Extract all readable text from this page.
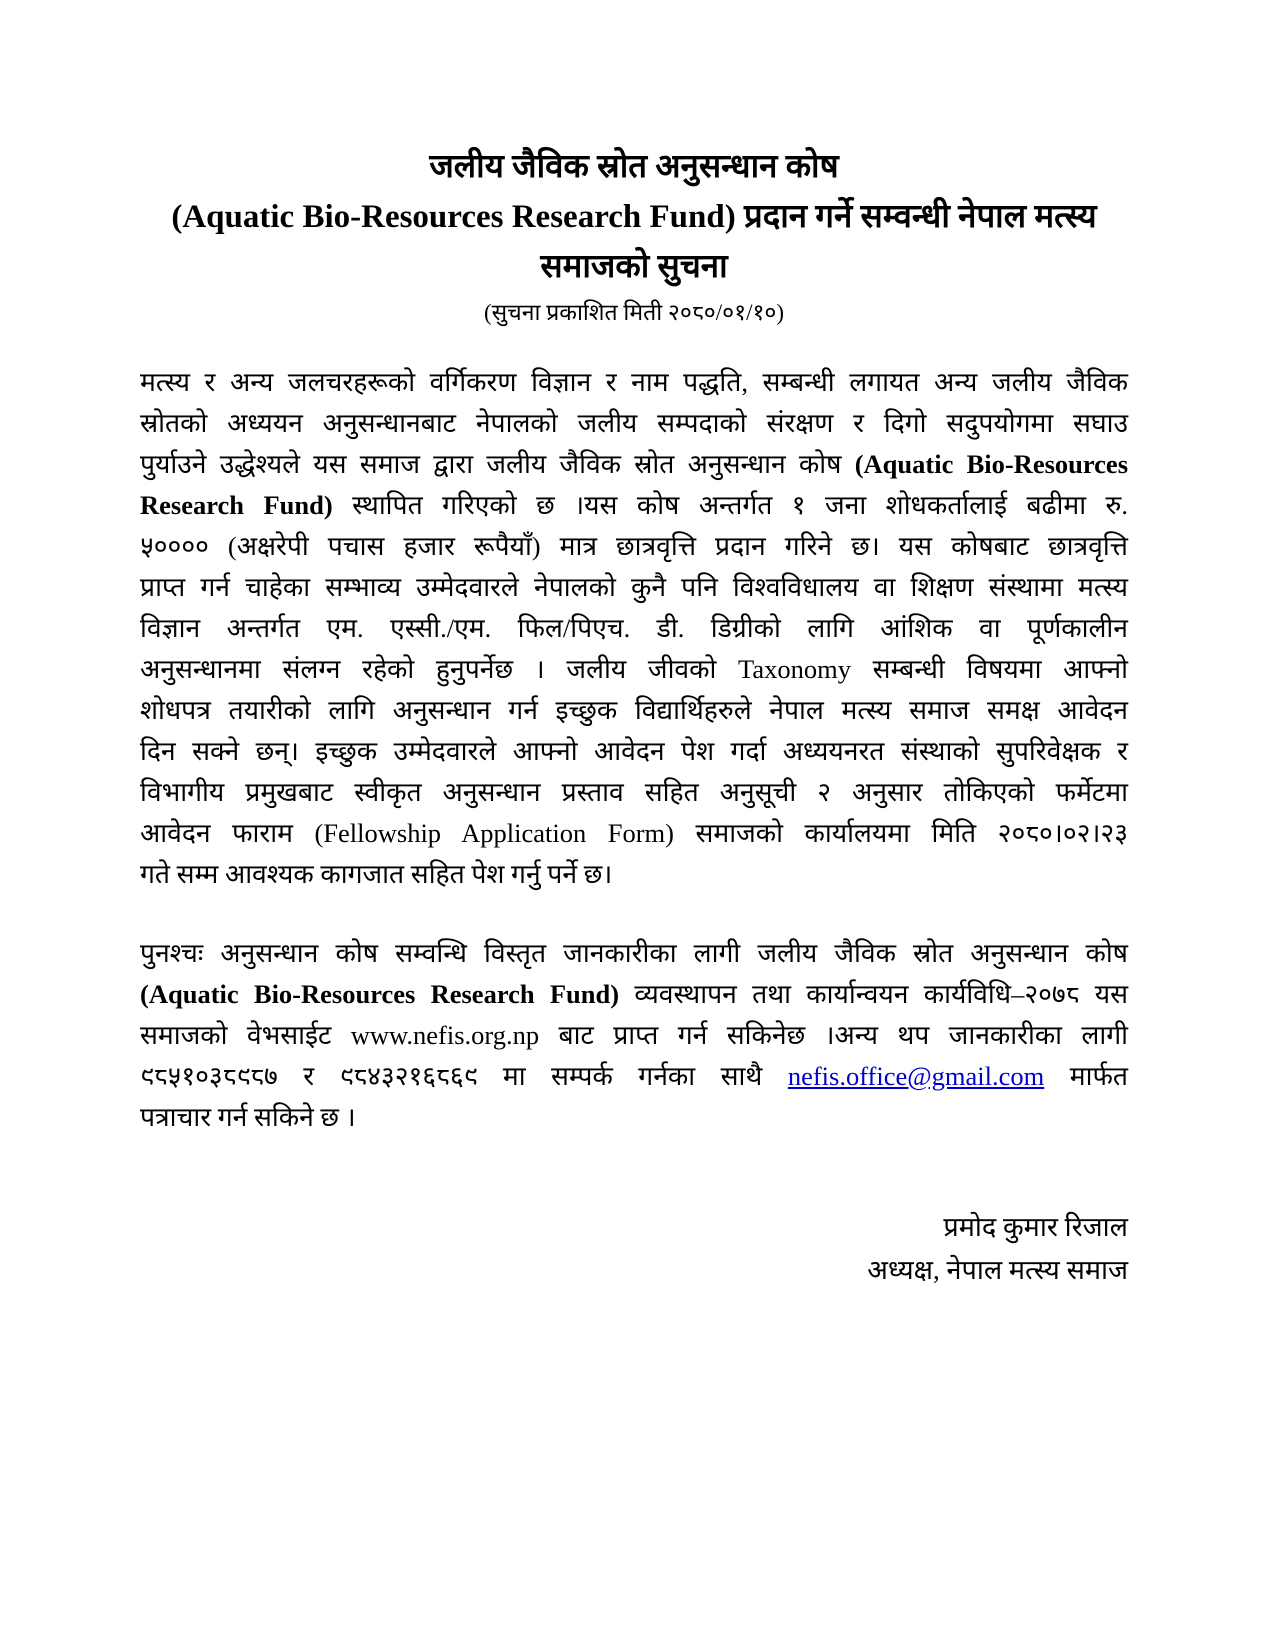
जलीय जैविक स्रोत अनुसन्धान कोष
(Aquatic Bio-Resources Research Fund) प्रदान गर्ने सम्वन्धी नेपाल मत्स्य
समाजको सुचना
(सुचना प्रकाशित मिती २०८०/०१/१०)
मत्स्य र अन्य जलचरहरूको वर्गिकरण विज्ञान र नाम पद्धति, सम्बन्धी लगायत अन्य जलीय जैविक
स्रोतको अध्ययन अनुसन्धानबाट नेपालको जलीय सम्पदाको संरक्षण र दिगो सदुपयोगमा सघाउ
पुर्याउने उद्धेश्यले यस समाज द्वारा जलीय जैविक स्रोत अनुसन्धान कोष (Aquatic Bio-Resources
Research Fund) स्थापित गरिएको छ ।यस कोष अन्तर्गत १ जना शोधकर्तालाई बढीमा रु.
५०००० (अक्षरेपी पचास हजार रूपैयाँ) मात्र छात्रवृत्ति प्रदान गरिने छ। यस कोषबाट छात्रवृत्ति
प्राप्त गर्न चाहेका सम्भाव्य उम्मेदवारले नेपालको कुनै पनि विश्वविधालय वा शिक्षण संस्थामा मत्स्य
विज्ञान अन्तर्गत एम. एस्सी./एम. फिल/पिएच. डी. डिग्रीको लागि आंशिक वा पूर्णकालीन
अनुसन्धानमा संलग्न रहेको हुनुपर्नेछ । जलीय जीवको Taxonomy सम्बन्धी विषयमा आफ्नो
शोधपत्र तयारीको लागि अनुसन्धान गर्न इच्छुक विद्यार्थिहरुले नेपाल मत्स्य समाज समक्ष आवेदन
दिन सक्ने छन्। इच्छुक उम्मेदवारले आफ्नो आवेदन पेश गर्दा अध्ययनरत संस्थाको सुपरिवेक्षक र
विभागीय प्रमुखबाट स्वीकृत अनुसन्धान प्रस्ताव सहित अनुसूची २ अनुसार तोकिएको फर्मेटमा
आवेदन फाराम (Fellowship Application Form) समाजको कार्यालयमा मिति २०८०।०२।२३
गते सम्म आवश्यक कागजात सहित पेश गर्नु पर्ने छ।
पुनश्चः अनुसन्धान कोष सम्वन्धि विस्तृत जानकारीका लागी जलीय जैविक स्रोत अनुसन्धान कोष
(Aquatic Bio-Resources Research Fund) व्यवस्थापन तथा कार्यान्वयन कार्यविधि–२०७८ यस
समाजको वेभसाईट www.nefis.org.np बाट प्राप्त गर्न सकिनेछ ।अन्य थप जानकारीका लागी
९८५१०३८९८७ र ९८४३२१६८६९ मा सम्पर्क गर्नका साथै nefis.office@gmail.com मार्फत
पत्राचार गर्न सकिने छ ।
प्रमोद कुमार रिजाल
अध्यक्ष, नेपाल मत्स्य समाज
